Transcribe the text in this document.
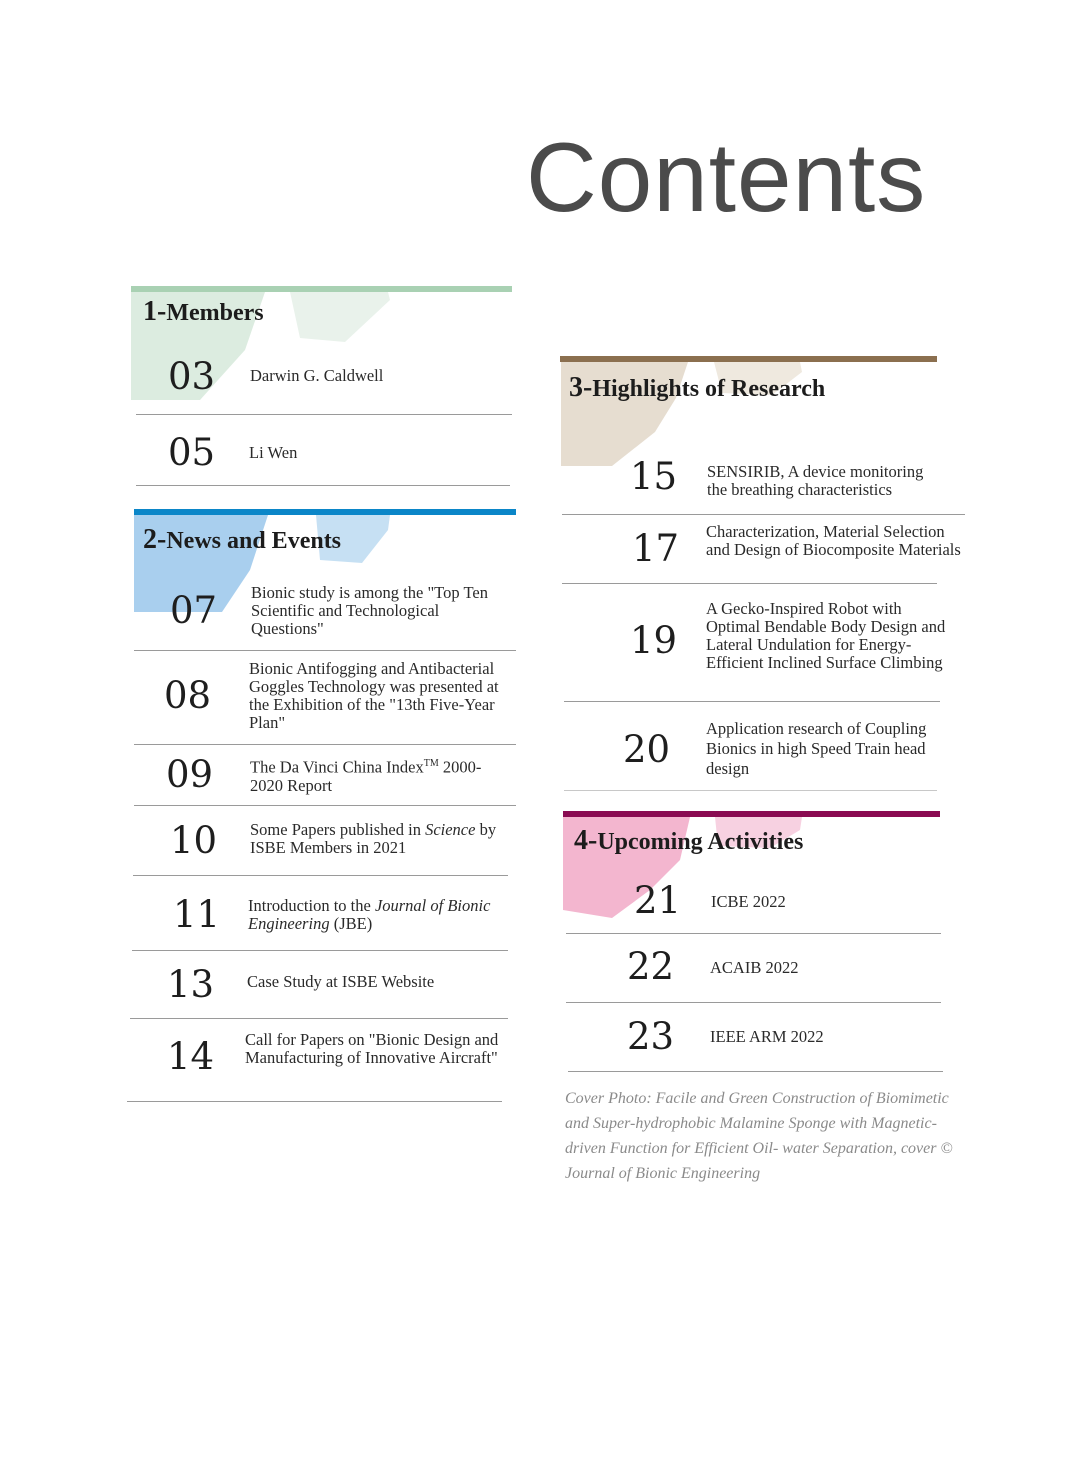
Contents
1-Members
03 Darwin G. Caldwell
05 Li Wen
2-News and Events
07 Bionic study is among the "Top Ten Scientific and Technological Questions"
08
Bionic Antifogging and Antibacterial Goggles Technology was presented at the Exhibition of the "13th Five-Year Plan"
09 The Da Vinci China Index™ 2000-2020 Report
10 Some Papers published in Science by ISBE Members in 2021
11 Introduction to the Journal of Bionic Engineering (JBE)
13 Case Study at ISBE Website
14 Call for Papers on "Bionic Design and Manufacturing of Innovative Aircraft"
3-Highlights of Research
15 SENSIRIB, A device monitoring the breathing characteristics
17 Characterization, Material Selection and Design of Biocomposite Materials
19
A Gecko-Inspired Robot with Optimal Bendable Body Design and Lateral Undulation for Energy-Efficient Inclined Surface Climbing
20 Application research of Coupling Bionics in high Speed Train head design
4-Upcoming Activities
21 ICBE 2022
22 ACAIB 2022
23 IEEE ARM 2022
Cover Photo: Facile and Green Construction of Biomimetic and Super-hydrophobic Malamine Sponge with Magnetic-driven Function for Efficient Oil- water Separation, cover © Journal of Bionic Engineering
